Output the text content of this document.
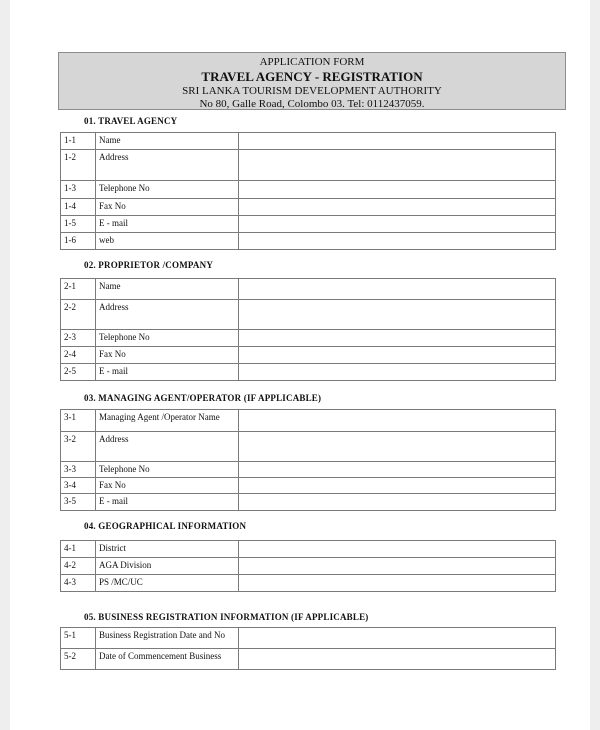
APPLICATION FORM
TRAVEL AGENCY - REGISTRATION
SRI LANKA TOURISM DEVELOPMENT AUTHORITY
No 80, Galle Road, Colombo 03. Tel: 0112437059.
01. TRAVEL AGENCY
1-1	Name	
1-2	Address	
1-3	Telephone No	
1-4	Fax No	
1-5	E - mail	
1-6	web	
02. PROPRIETOR /COMPANY
2-1	Name	
2-2	Address	
2-3	Telephone No	
2-4	Fax No	
2-5	E - mail	
03. MANAGING AGENT/OPERATOR (IF APPLICABLE)
3-1	Managing Agent /Operator Name	
3-2	Address	
3-3	Telephone No	
3-4	Fax No	
3-5	E - mail	
04. GEOGRAPHICAL INFORMATION
4-1	District	
4-2	AGA Division	
4-3	PS /MC/UC	
05. BUSINESS REGISTRATION INFORMATION (IF APPLICABLE)
5-1	Business Registration Date and No	
5-2	Date of Commencement Business	
